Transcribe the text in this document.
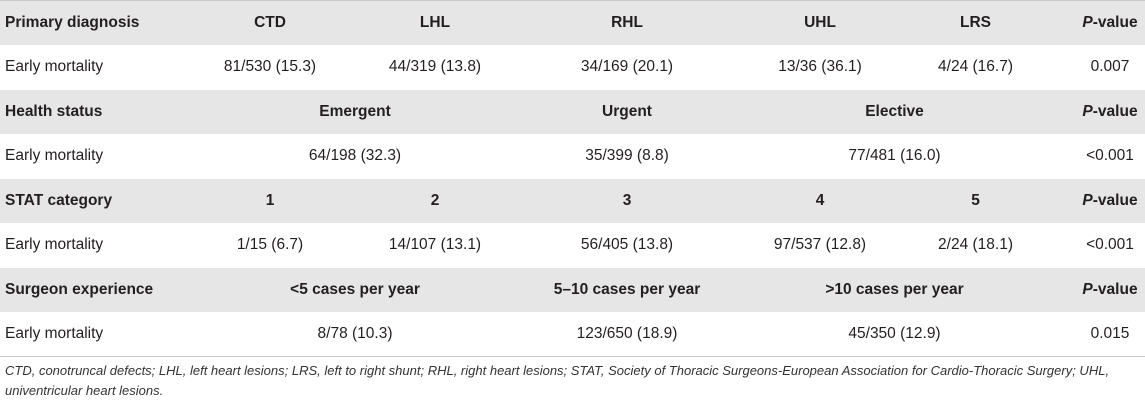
Primary diagnosis	CTD	LHL	RHL	UHL	LRS	P-value
Early mortality	81/530 (15.3)	44/319 (13.8)	34/169 (20.1)	13/36 (36.1)	4/24 (16.7)	0.007
Health status	Emergent		Urgent	Elective		P-value
Early mortality	64/198 (32.3)		35/399 (8.8)	77/481 (16.0)		<0.001
STAT category	1	2	3	4	5	P-value
Early mortality	1/15 (6.7)	14/107 (13.1)	56/405 (13.8)	97/537 (12.8)	2/24 (18.1)	<0.001
Surgeon experience	<5 cases per year		5–10 cases per year	>10 cases per year		P-value
Early mortality	8/78 (10.3)		123/650 (18.9)	45/350 (12.9)		0.015
CTD, conotruncal defects; LHL, left heart lesions; LRS, left to right shunt; RHL, right heart lesions; STAT, Society of Thoracic Surgeons-European Association for Cardio-Thoracic Surgery; UHL, univentricular heart lesions.
